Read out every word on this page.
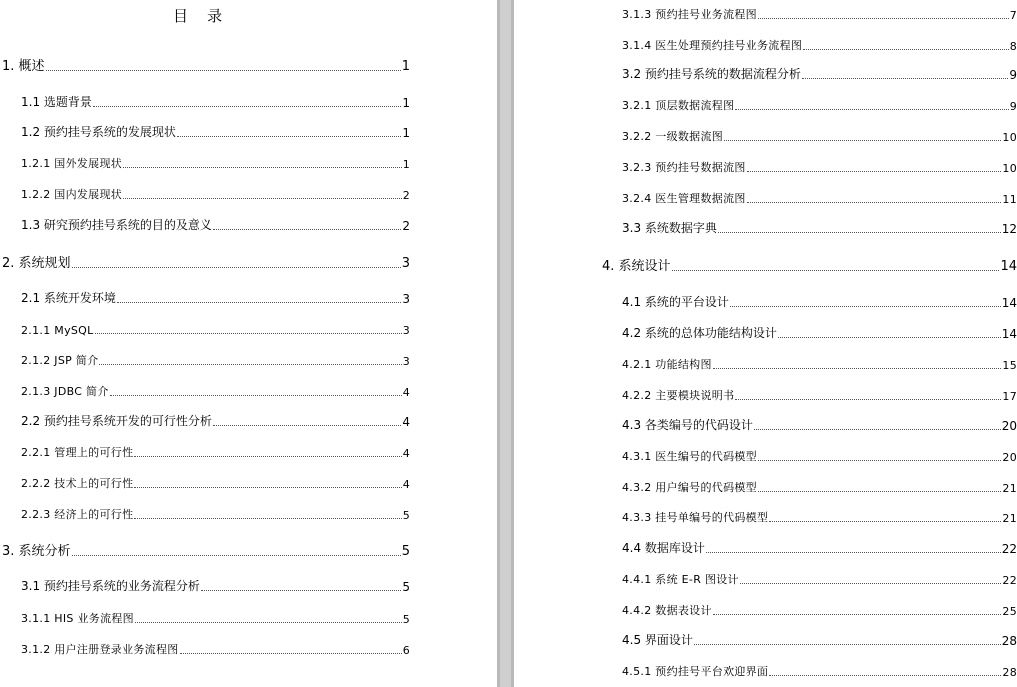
目    录
1. 概述	1
1.1 选题背景	1
1.2 预约挂号系统的发展现状	1
1.2.1 国外发展现状	1
1.2.2 国内发展现状	2
1.3 研究预约挂号系统的目的及意义	2
2. 系统规划	3
2.1 系统开发环境	3
2.1.1 MySQL	3
2.1.2 JSP 简介	3
2.1.3 JDBC 简介	4
2.2 预约挂号系统开发的可行性分析	4
2.2.1 管理上的可行性	4
2.2.2 技术上的可行性	4
2.2.3 经济上的可行性	5
3. 系统分析	5
3.1 预约挂号系统的业务流程分析	5
3.1.1 HIS 业务流程图	5
3.1.2 用户注册登录业务流程图	6
3.1.3 预约挂号业务流程图	7
3.1.4 医生处理预约挂号业务流程图	8
3.2 预约挂号系统的数据流程分析	9
3.2.1 顶层数据流程图	9
3.2.2 一级数据流图	10
3.2.3 预约挂号数据流图	10
3.2.4 医生管理数据流图	11
3.3 系统数据字典	12
4. 系统设计	14
4.1 系统的平台设计	14
4.2 系统的总体功能结构设计	14
4.2.1 功能结构图	15
4.2.2 主要模块说明书	17
4.3 各类编号的代码设计	20
4.3.1 医生编号的代码模型	20
4.3.2 用户编号的代码模型	21
4.3.3 挂号单编号的代码模型	21
4.4 数据库设计	22
4.4.1 系统 E-R 图设计	22
4.4.2 数据表设计	25
4.5 界面设计	28
4.5.1 预约挂号平台欢迎界面	28
